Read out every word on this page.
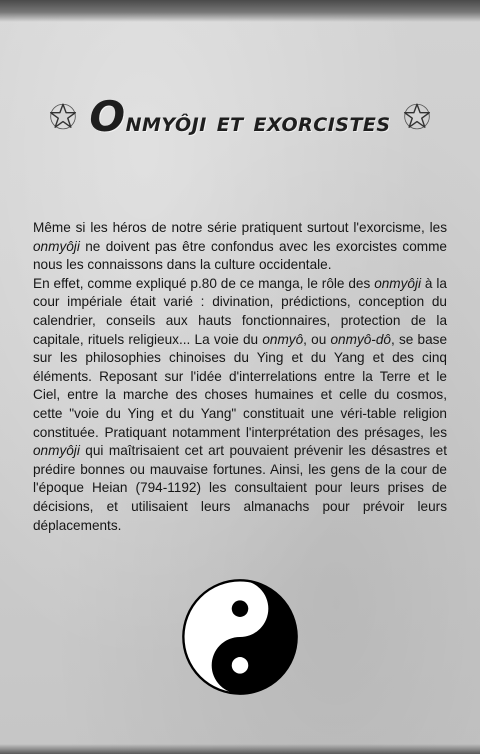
Onmyôji et exorcistes

Même si les héros de notre série pratiquent surtout l'exorcisme, les onmyôji ne doivent pas être confondus avec les exorcistes comme nous les connaissons dans la culture occidentale.

En effet, comme expliqué p.80 de ce manga, le rôle des onmyôji à la cour impériale était varié : divination, prédictions, conception du calendrier, conseils aux hauts fonctionnaires, protection de la capitale, rituels religieux... La voie du onmyô, ou onmyô-dô, se base sur les philosophies chinoises du Ying et du Yang et des cinq éléments. Reposant sur l'idée d'interrelations entre la Terre et le Ciel, entre la marche des choses humaines et celle du cosmos, cette "voie du Ying et du Yang" constituait une véri-table religion constituée. Pratiquant notamment l'interprétation des présages, les onmyôji qui maîtrisaient cet art pouvaient prévenir les désastres et prédire bonnes ou mauvaise fortunes. Ainsi, les gens de la cour de l'époque Heian (794-1192) les consultaient pour leurs prises de décisions, et utilisaient leurs almanachs pour prévoir leurs déplacements.
